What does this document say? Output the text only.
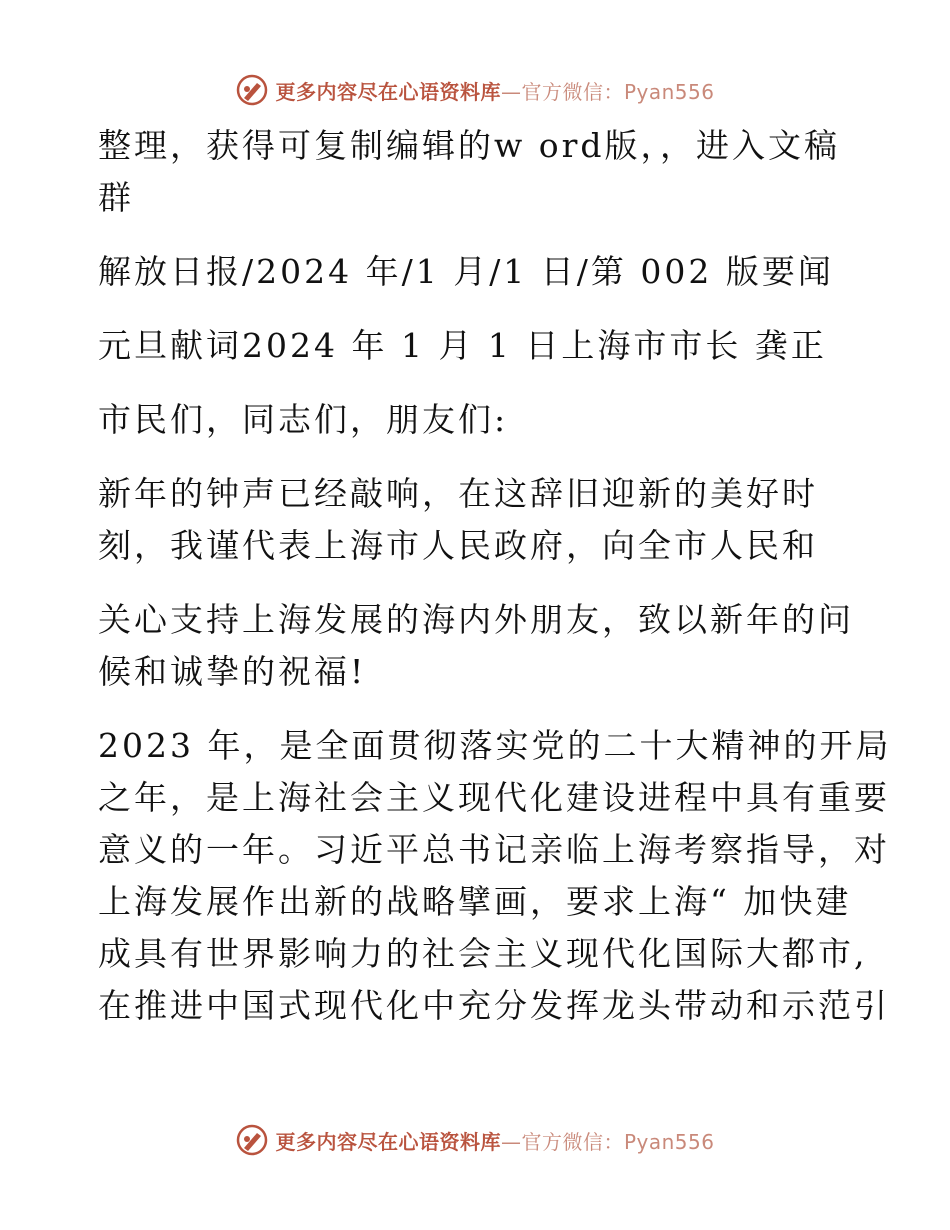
更多内容尽在心语资料库—官方微信：Pyan556
整理，获得可复制编辑的w ord版，，进入文稿
群
解放日报/2024 年/1 月/1 日/第 002 版要闻
元旦献词2024 年 1 月 1 日上海市市长 龚正
市民们，同志们，朋友们:
新年的钟声已经敲响，在这辞旧迎新的美好时
刻，我谨代表上海市人民政府，向全市人民和
关心支持上海发展的海内外朋友，致以新年的问
候和诚挚的祝福!
2023 年，是全面贯彻落实党的二十大精神的开局
之年，是上海社会主义现代化建设进程中具有重要
意义的一年。习近平总书记亲临上海考察指导，对
上海发展作出新的战略擘画，要求上海“ 加快建
成具有世界影响力的社会主义现代化国际大都市,
在推进中国式现代化中充分发挥龙头带动和示范引
更多内容尽在心语资料库—官方微信：Pyan556
